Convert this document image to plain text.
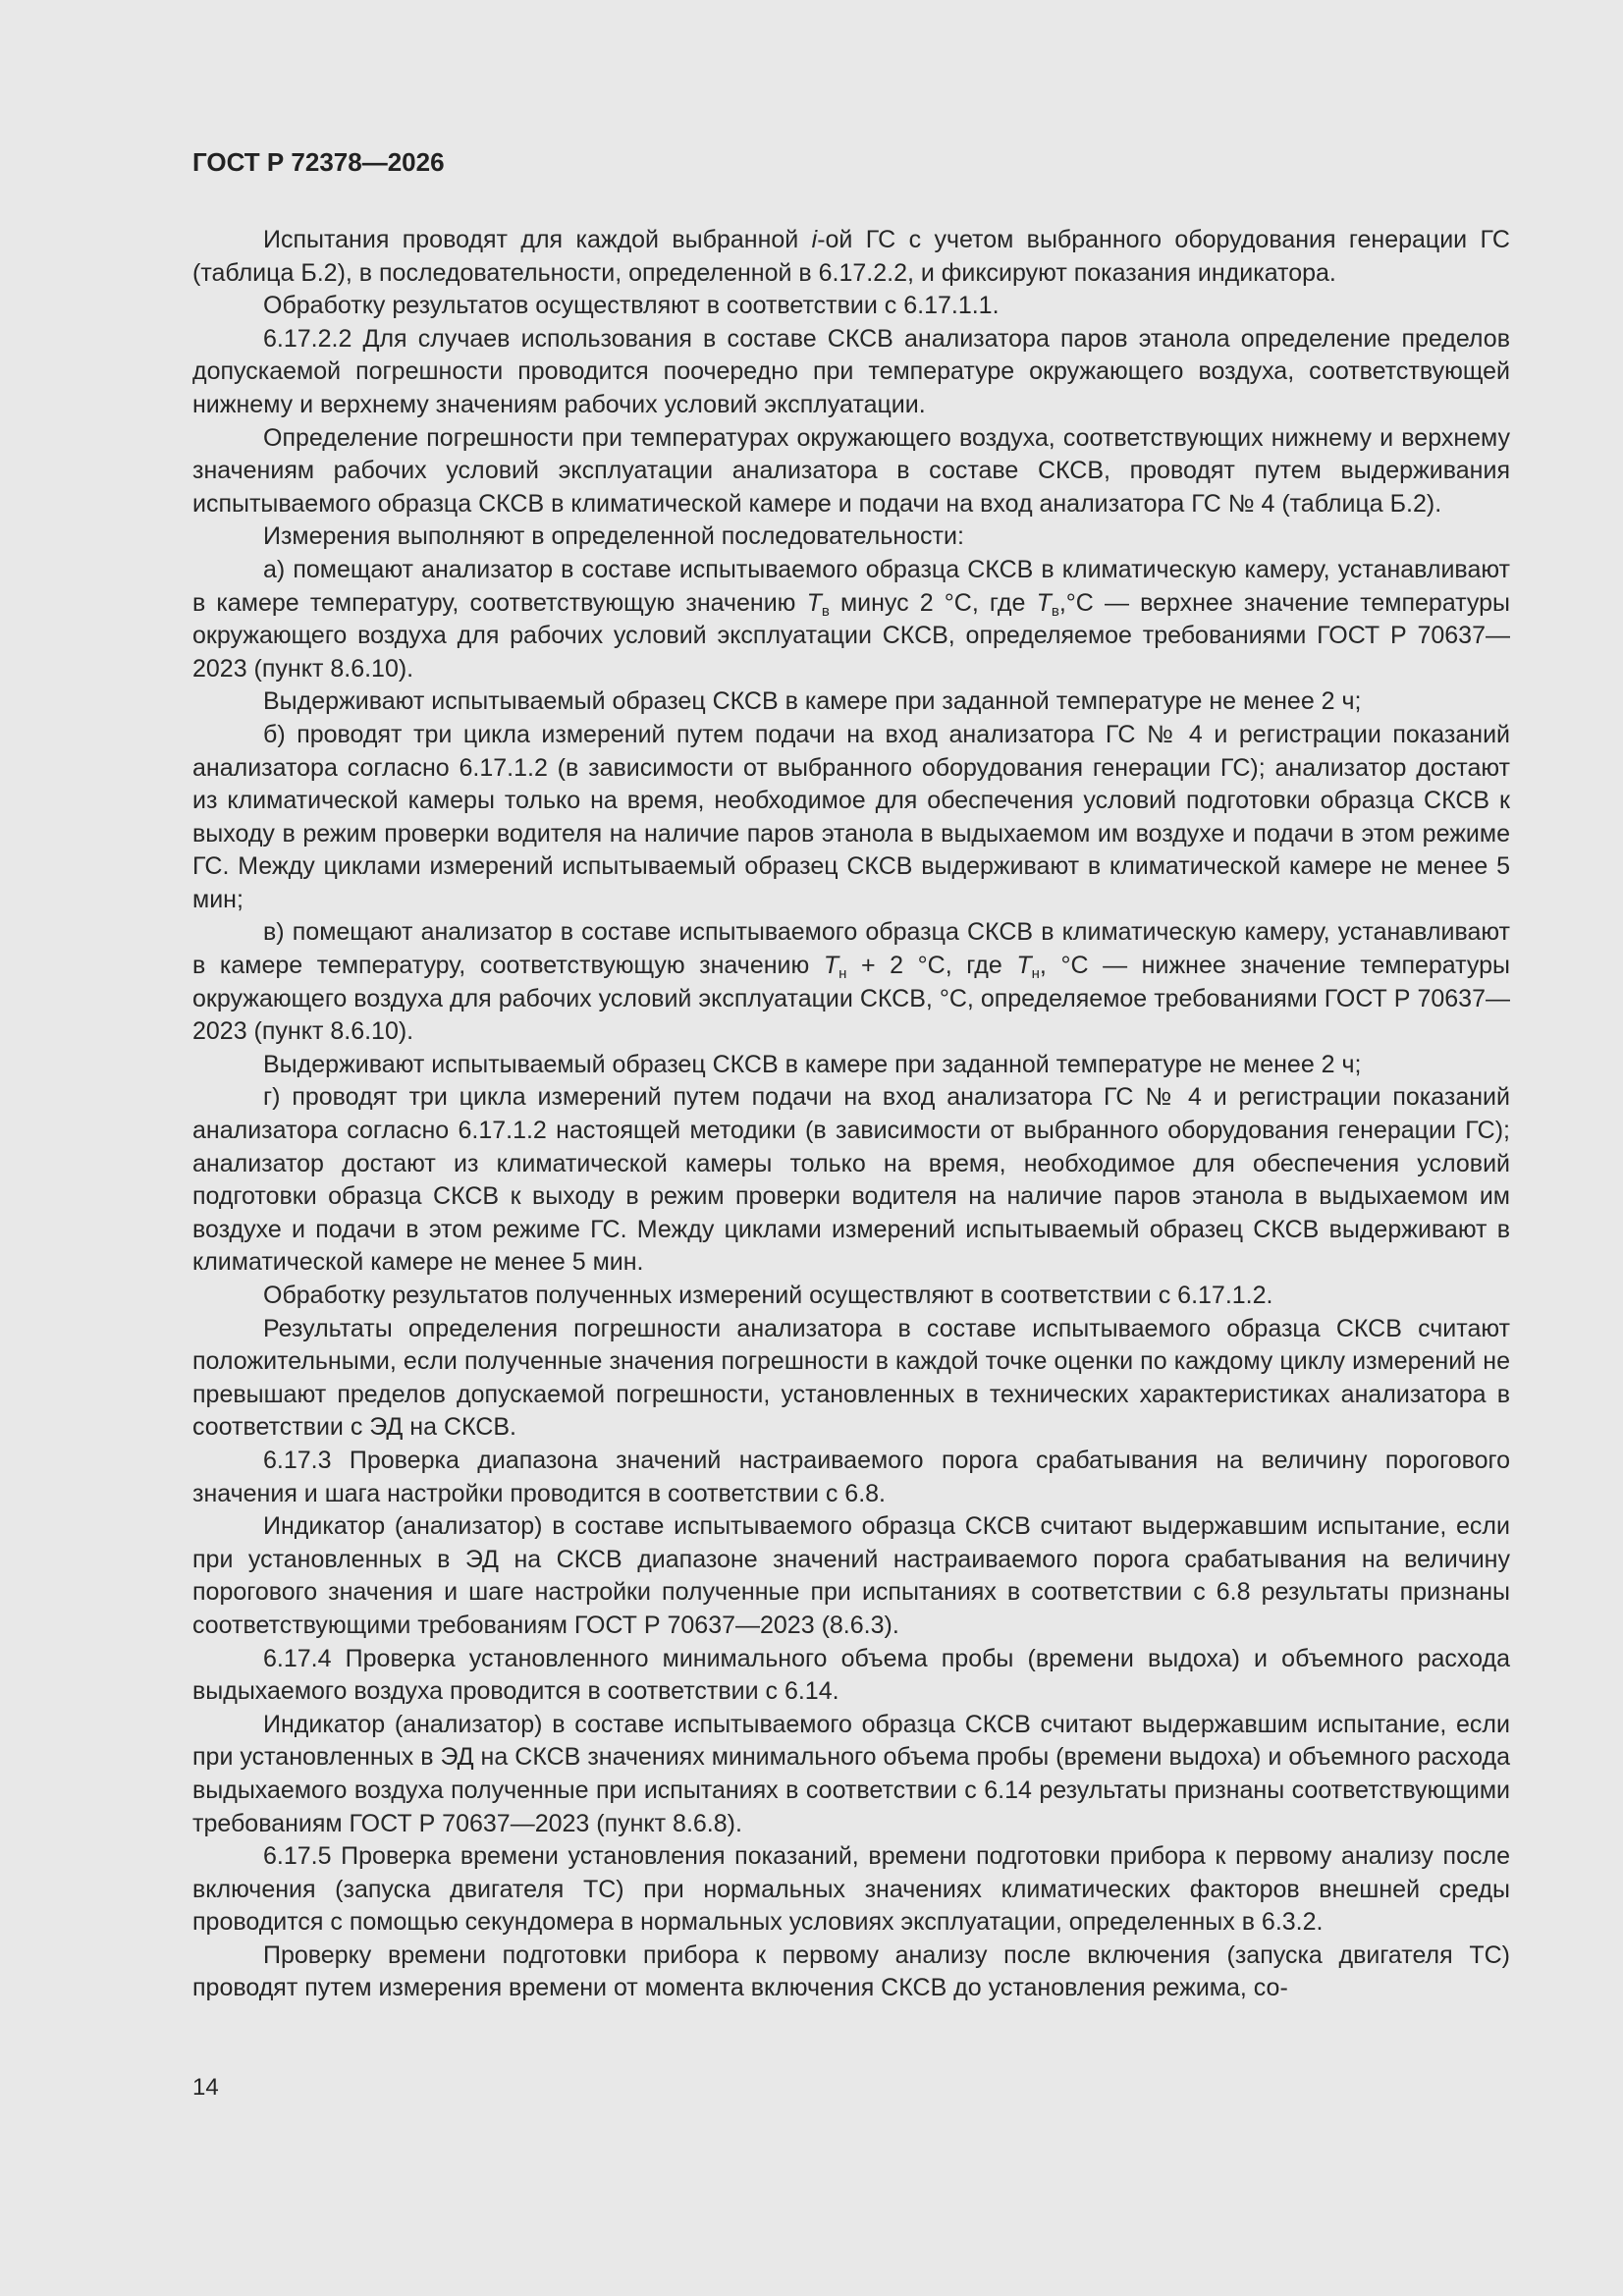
ГОСТ Р 72378—2026

Испытания проводят для каждой выбранной i-ой ГС с учетом выбранного оборудования генерации ГС (таблица Б.2), в последовательности, определенной в 6.17.2.2, и фиксируют показания индикатора.

Обработку результатов осуществляют в соответствии с 6.17.1.1.

6.17.2.2 Для случаев использования в составе СКСВ анализатора паров этанола определение пределов допускаемой погрешности проводится поочередно при температуре окружающего воздуха, соответствующей нижнему и верхнему значениям рабочих условий эксплуатации.

Определение погрешности при температурах окружающего воздуха, соответствующих нижнему и верхнему значениям рабочих условий эксплуатации анализатора в составе СКСВ, проводят путем выдерживания испытываемого образца СКСВ в климатической камере и подачи на вход анализатора ГС № 4 (таблица Б.2).

Измерения выполняют в определенной последовательности:

а) помещают анализатор в составе испытываемого образца СКСВ в климатическую камеру, устанавливают в камере температуру, соответствующую значению $T_в$ минус 2 °С, где $T_в,^\circ С$ — верхнее значение температуры окружающего воздуха для рабочих условий эксплуатации СКСВ, определяемое требованиями ГОСТ Р 70637—2023 (пункт 8.6.10).

Выдерживают испытываемый образец СКСВ в камере при заданной температуре не менее 2 ч;

б) проводят три цикла измерений путем подачи на вход анализатора ГС № 4 и регистрации показаний анализатора согласно 6.17.1.2 (в зависимости от выбранного оборудования генерации ГС); анализатор достают из климатической камеры только на время, необходимое для обеспечения условий подготовки образца СКСВ к выходу в режим проверки водителя на наличие паров этанола в выдыхаемом им воздухе и подачи в этом режиме ГС. Между циклами измерений испытываемый образец СКСВ выдерживают в климатической камере не менее 5 мин;

в) помещают анализатор в составе испытываемого образца СКСВ в климатическую камеру, устанавливают в камере температуру, соответствующую значению $T_н + 2$ °С, где $T_н$, °С — нижнее значение температуры окружающего воздуха для рабочих условий эксплуатации СКСВ, °С, определяемое требованиями ГОСТ Р 70637—2023 (пункт 8.6.10).

Выдерживают испытываемый образец СКСВ в камере при заданной температуре не менее 2 ч;

г) проводят три цикла измерений путем подачи на вход анализатора ГС № 4 и регистрации показаний анализатора согласно 6.17.1.2 настоящей методики (в зависимости от выбранного оборудования генерации ГС); анализатор достают из климатической камеры только на время, необходимое для обеспечения условий подготовки образца СКСВ к выходу в режим проверки водителя на наличие паров этанола в выдыхаемом им воздухе и подачи в этом режиме ГС. Между циклами измерений испытываемый образец СКСВ выдерживают в климатической камере не менее 5 мин.

Обработку результатов полученных измерений осуществляют в соответствии с 6.17.1.2.

Результаты определения погрешности анализатора в составе испытываемого образца СКСВ считают положительными, если полученные значения погрешности в каждой точке оценки по каждому циклу измерений не превышают пределов допускаемой погрешности, установленных в технических характеристиках анализатора в соответствии с ЭД на СКСВ.

6.17.3 Проверка диапазона значений настраиваемого порога срабатывания на величину порогового значения и шага настройки проводится в соответствии с 6.8.

Индикатор (анализатор) в составе испытываемого образца СКСВ считают выдержавшим испытание, если при установленных в ЭД на СКСВ диапазоне значений настраиваемого порога срабатывания на величину порогового значения и шаге настройки полученные при испытаниях в соответствии с 6.8 результаты признаны соответствующими требованиям ГОСТ Р 70637—2023 (8.6.3).

6.17.4 Проверка установленного минимального объема пробы (времени выдоха) и объемного расхода выдыхаемого воздуха проводится в соответствии с 6.14.

Индикатор (анализатор) в составе испытываемого образца СКСВ считают выдержавшим испытание, если при установленных в ЭД на СКСВ значениях минимального объема пробы (времени выдоха) и объемного расхода выдыхаемого воздуха полученные при испытаниях в соответствии с 6.14 результаты признаны соответствующими требованиям ГОСТ Р 70637—2023 (пункт 8.6.8).

6.17.5 Проверка времени установления показаний, времени подготовки прибора к первому анализу после включения (запуска двигателя ТС) при нормальных значениях климатических факторов внешней среды проводится с помощью секундомера в нормальных условиях эксплуатации, определенных в 6.3.2.

Проверку времени подготовки прибора к первому анализу после включения (запуска двигателя ТС) проводят путем измерения времени от момента включения СКСВ до установления режима, со-

14
